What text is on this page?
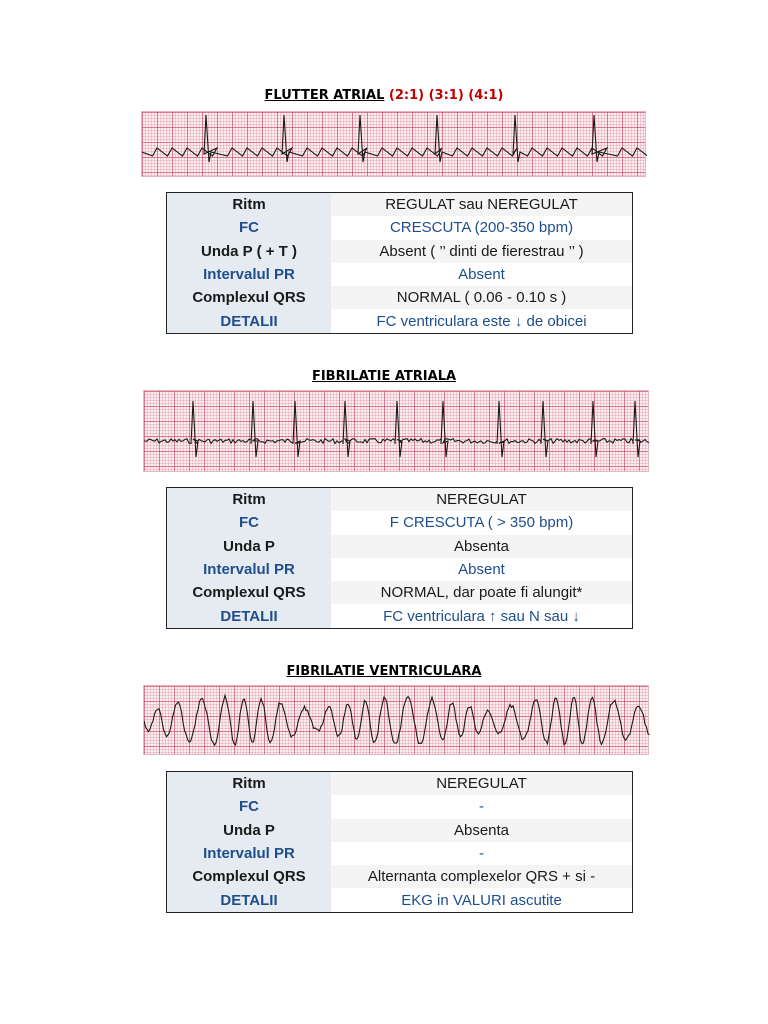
FLUTTER ATRIAL (2:1) (3:1) (4:1)
Ritm	REGULAT sau NEREGULAT
FC	CRESCUTA (200-350 bpm)
Unda P ( + T )	Absent ( ’’ dinti de fierestrau ’’ )
Intervalul PR	Absent
Complexul QRS	NORMAL ( 0.06 - 0.10 s )
DETALII	FC ventriculara este ↓ de obicei
FIBRILATIE ATRIALA
Ritm	NEREGULAT
FC	F CRESCUTA ( > 350 bpm)
Unda P	Absenta
Intervalul PR	Absent
Complexul QRS	NORMAL, dar poate fi alungit*
DETALII	FC ventriculara ↑ sau N sau ↓
FIBRILATIE VENTRICULARA
Ritm	NEREGULAT
FC	-
Unda P	Absenta
Intervalul PR	-
Complexul QRS	Alternanta complexelor QRS + si -
DETALII	EKG in VALURI ascutite
